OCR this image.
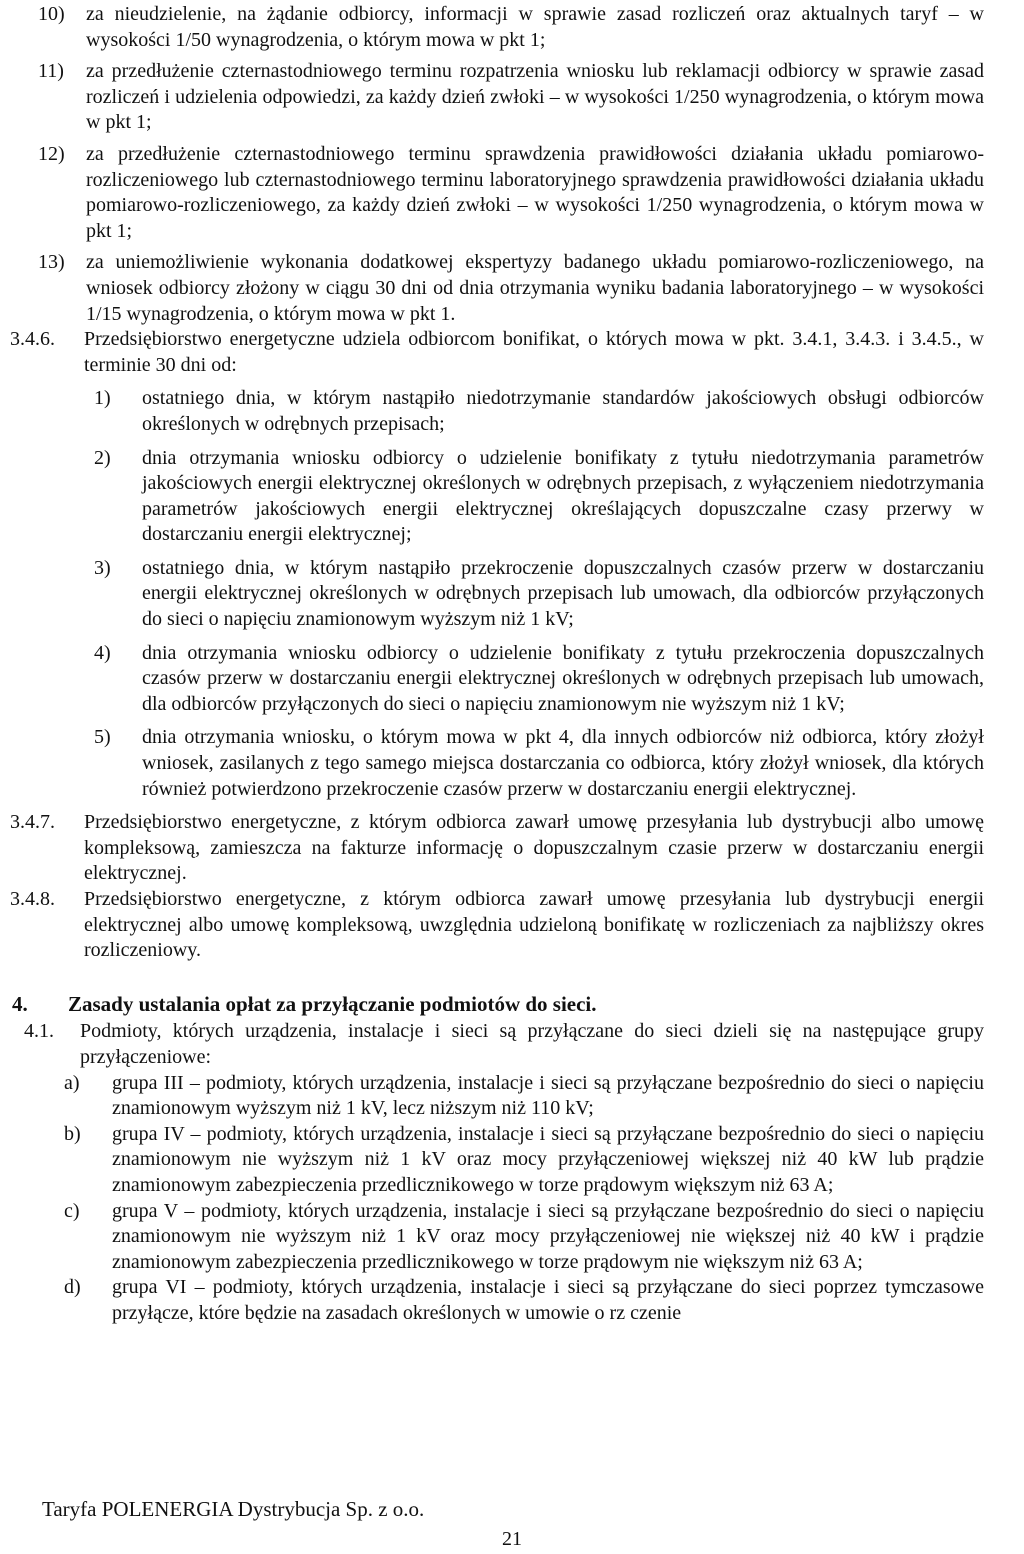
10)	za nieudzielenie, na żądanie odbiorcy, informacji w sprawie zasad rozliczeń oraz aktualnych taryf – w wysokości 1/50 wynagrodzenia, o którym mowa w pkt 1;
11)	za przedłużenie czternastodniowego terminu rozpatrzenia wniosku lub reklamacji odbiorcy w sprawie zasad rozliczeń i udzielenia odpowiedzi, za każdy dzień zwłoki – w wysokości 1/250 wynagrodzenia, o którym mowa w pkt 1;
12)	za przedłużenie czternastodniowego terminu sprawdzenia prawidłowości działania układu pomiarowo-rozliczeniowego lub czternastodniowego terminu laboratoryjnego sprawdzenia prawidłowości działania układu pomiarowo-rozliczeniowego, za każdy dzień zwłoki – w wysokości 1/250 wynagrodzenia, o którym mowa w pkt 1;
13)	za uniemożliwienie wykonania dodatkowej ekspertyzy badanego układu pomiarowo-rozliczeniowego, na wniosek odbiorcy złożony w ciągu 30 dni od dnia otrzymania wyniku badania laboratoryjnego – w wysokości 1/15 wynagrodzenia, o którym mowa w pkt 1.
3.4.6.	Przedsiębiorstwo energetyczne udziela odbiorcom bonifikat, o których mowa w pkt. 3.4.1, 3.4.3. i 3.4.5., w terminie 30 dni od:
1)	ostatniego dnia, w którym nastąpiło niedotrzymanie standardów jakościowych obsługi odbiorców określonych w odrębnych przepisach;
2)	dnia otrzymania wniosku odbiorcy o udzielenie bonifikaty z tytułu niedotrzymania parametrów jakościowych energii elektrycznej określonych w odrębnych przepisach, z wyłączeniem niedotrzymania parametrów jakościowych energii elektrycznej określających dopuszczalne czasy przerwy w dostarczaniu energii elektrycznej;
3)	ostatniego dnia, w którym nastąpiło przekroczenie dopuszczalnych czasów przerw w dostarczaniu energii elektrycznej określonych w odrębnych przepisach lub umowach, dla odbiorców przyłączonych do sieci o napięciu znamionowym wyższym niż 1 kV;
4)	dnia otrzymania wniosku odbiorcy o udzielenie bonifikaty z tytułu przekroczenia dopuszczalnych czasów przerw w dostarczaniu energii elektrycznej określonych w odrębnych przepisach lub umowach, dla odbiorców przyłączonych do sieci o napięciu znamionowym nie wyższym niż 1 kV;
5)	dnia otrzymania wniosku, o którym mowa w pkt 4, dla innych odbiorców niż odbiorca, który złożył wniosek, zasilanych z tego samego miejsca dostarczania co odbiorca, który złożył wniosek, dla których również potwierdzono przekroczenie czasów przerw w dostarczaniu energii elektrycznej.
3.4.7.	Przedsiębiorstwo energetyczne, z którym odbiorca zawarł umowę przesyłania lub dystrybucji albo umowę kompleksową, zamieszcza na fakturze informację o dopuszczalnym czasie przerw w dostarczaniu energii elektrycznej.
3.4.8.	Przedsiębiorstwo energetyczne, z którym odbiorca zawarł umowę przesyłania lub dystrybucji energii elektrycznej albo umowę kompleksową, uwzględnia udzieloną bonifikatę w rozliczeniach za najbliższy okres rozliczeniowy.
4.	Zasady ustalania opłat za przyłączanie podmiotów do sieci.
4.1.	Podmioty, których urządzenia, instalacje i sieci są przyłączane do sieci dzieli się na następujące grupy przyłączeniowe:
a)	grupa III – podmioty, których urządzenia, instalacje i sieci są przyłączane bezpośrednio do sieci o napięciu znamionowym wyższym niż 1 kV, lecz niższym niż 110 kV;
b)	grupa IV – podmioty, których urządzenia, instalacje i sieci są przyłączane bezpośrednio do sieci o napięciu znamionowym nie wyższym niż 1 kV oraz mocy przyłączeniowej większej niż 40 kW lub prądzie znamionowym zabezpieczenia przedlicznikowego w torze prądowym większym niż 63 A;
c)	grupa V – podmioty, których urządzenia, instalacje i sieci są przyłączane bezpośrednio do sieci o napięciu znamionowym nie wyższym niż 1 kV oraz mocy przyłączeniowej nie większej niż 40 kW i prądzie znamionowym zabezpieczenia przedlicznikowego w torze prądowym nie większym niż 63 A;
d)	grupa VI – podmioty, których urządzenia, instalacje i sieci są przyłączane do sieci poprzez tymczasowe przyłącze, które będzie na zasadach określonych w umowie o rz czenie
Taryfa POLENERGIA Dystrybucja Sp. z o.o.
21
